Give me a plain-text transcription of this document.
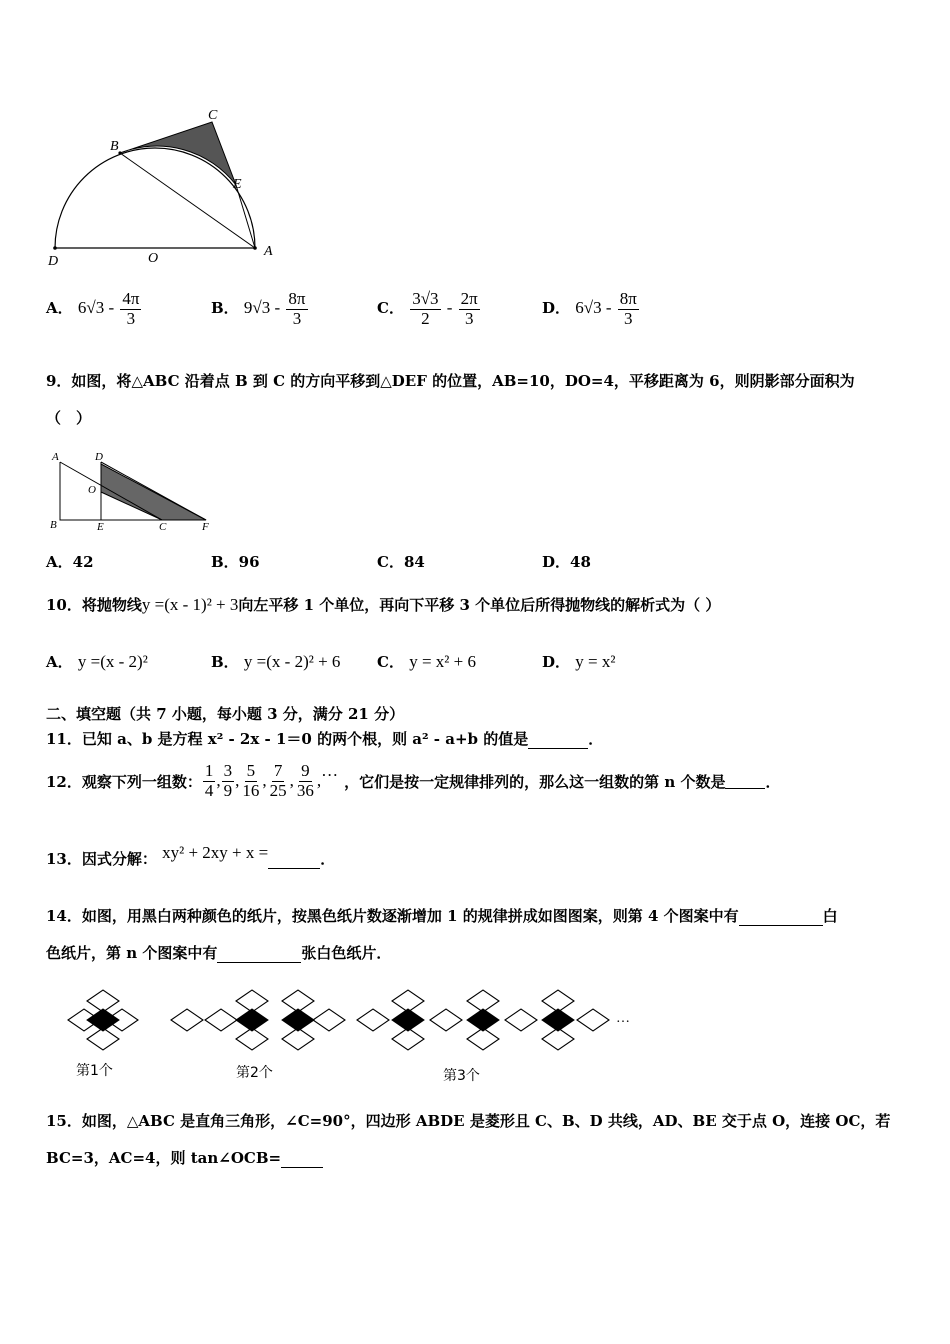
C
B
E
D	O	A
A． $6√3 - \frac{4\pi}{3}$	B． $9√3 - \frac{8\pi}{3}$	C． $\frac{3√3}{2} - \frac{2\pi}{3}$	D． $6√3 - \frac{8\pi}{3}$
9．如图，将△ABC 沿着点 B 到 C 的方向平移到△DEF 的位置，AB=10，DO=4，平移距离为 6，则阴影部分面积为
（　）
A	D
O
B	E	C	F
A．42	B．96	C．84	D．48
10．将抛物线y =(x - 1)² + 3向左平移 1 个单位，再向下平移 3 个单位后所得抛物线的解析式为（ ）
A． y =(x - 2)²	B． y =(x - 2)² + 6 C． y = x² + 6	D． y = x²
二、填空题（共 7 小题，每小题 3 分，满分 21 分）
11．已知 a、b 是方程 x² - 2x - 1＝0 的两个根，则 a² - a+b 的值是	．
12．观察下列一组数： $\frac{1}{4}$ , $\frac{3}{9}$ , $\frac{5}{16}$ , $\frac{7}{25}$ , $\frac{9}{36}$ ,
…
，它们是按一定规律排列的，那么这一组数的第 n 个数是	．
13．因式分解： xy² + 2xy + x =	．
14．如图，用黑白两种颜色的纸片，按黑色纸片数逐渐增加 1 的规律拼成如图图案，则第 4 个图案中有	白
色纸片，第 n 个图案中有	张白色纸片．
…
第1个	第2个	第3个
15．如图，△ABC 是直角三角形，∠C=90°，四边形 ABDE 是菱形且 C、B、D 共线，AD、BE 交于点 O，连接 OC，若
BC=3，AC=4，则 tan∠OCB=
